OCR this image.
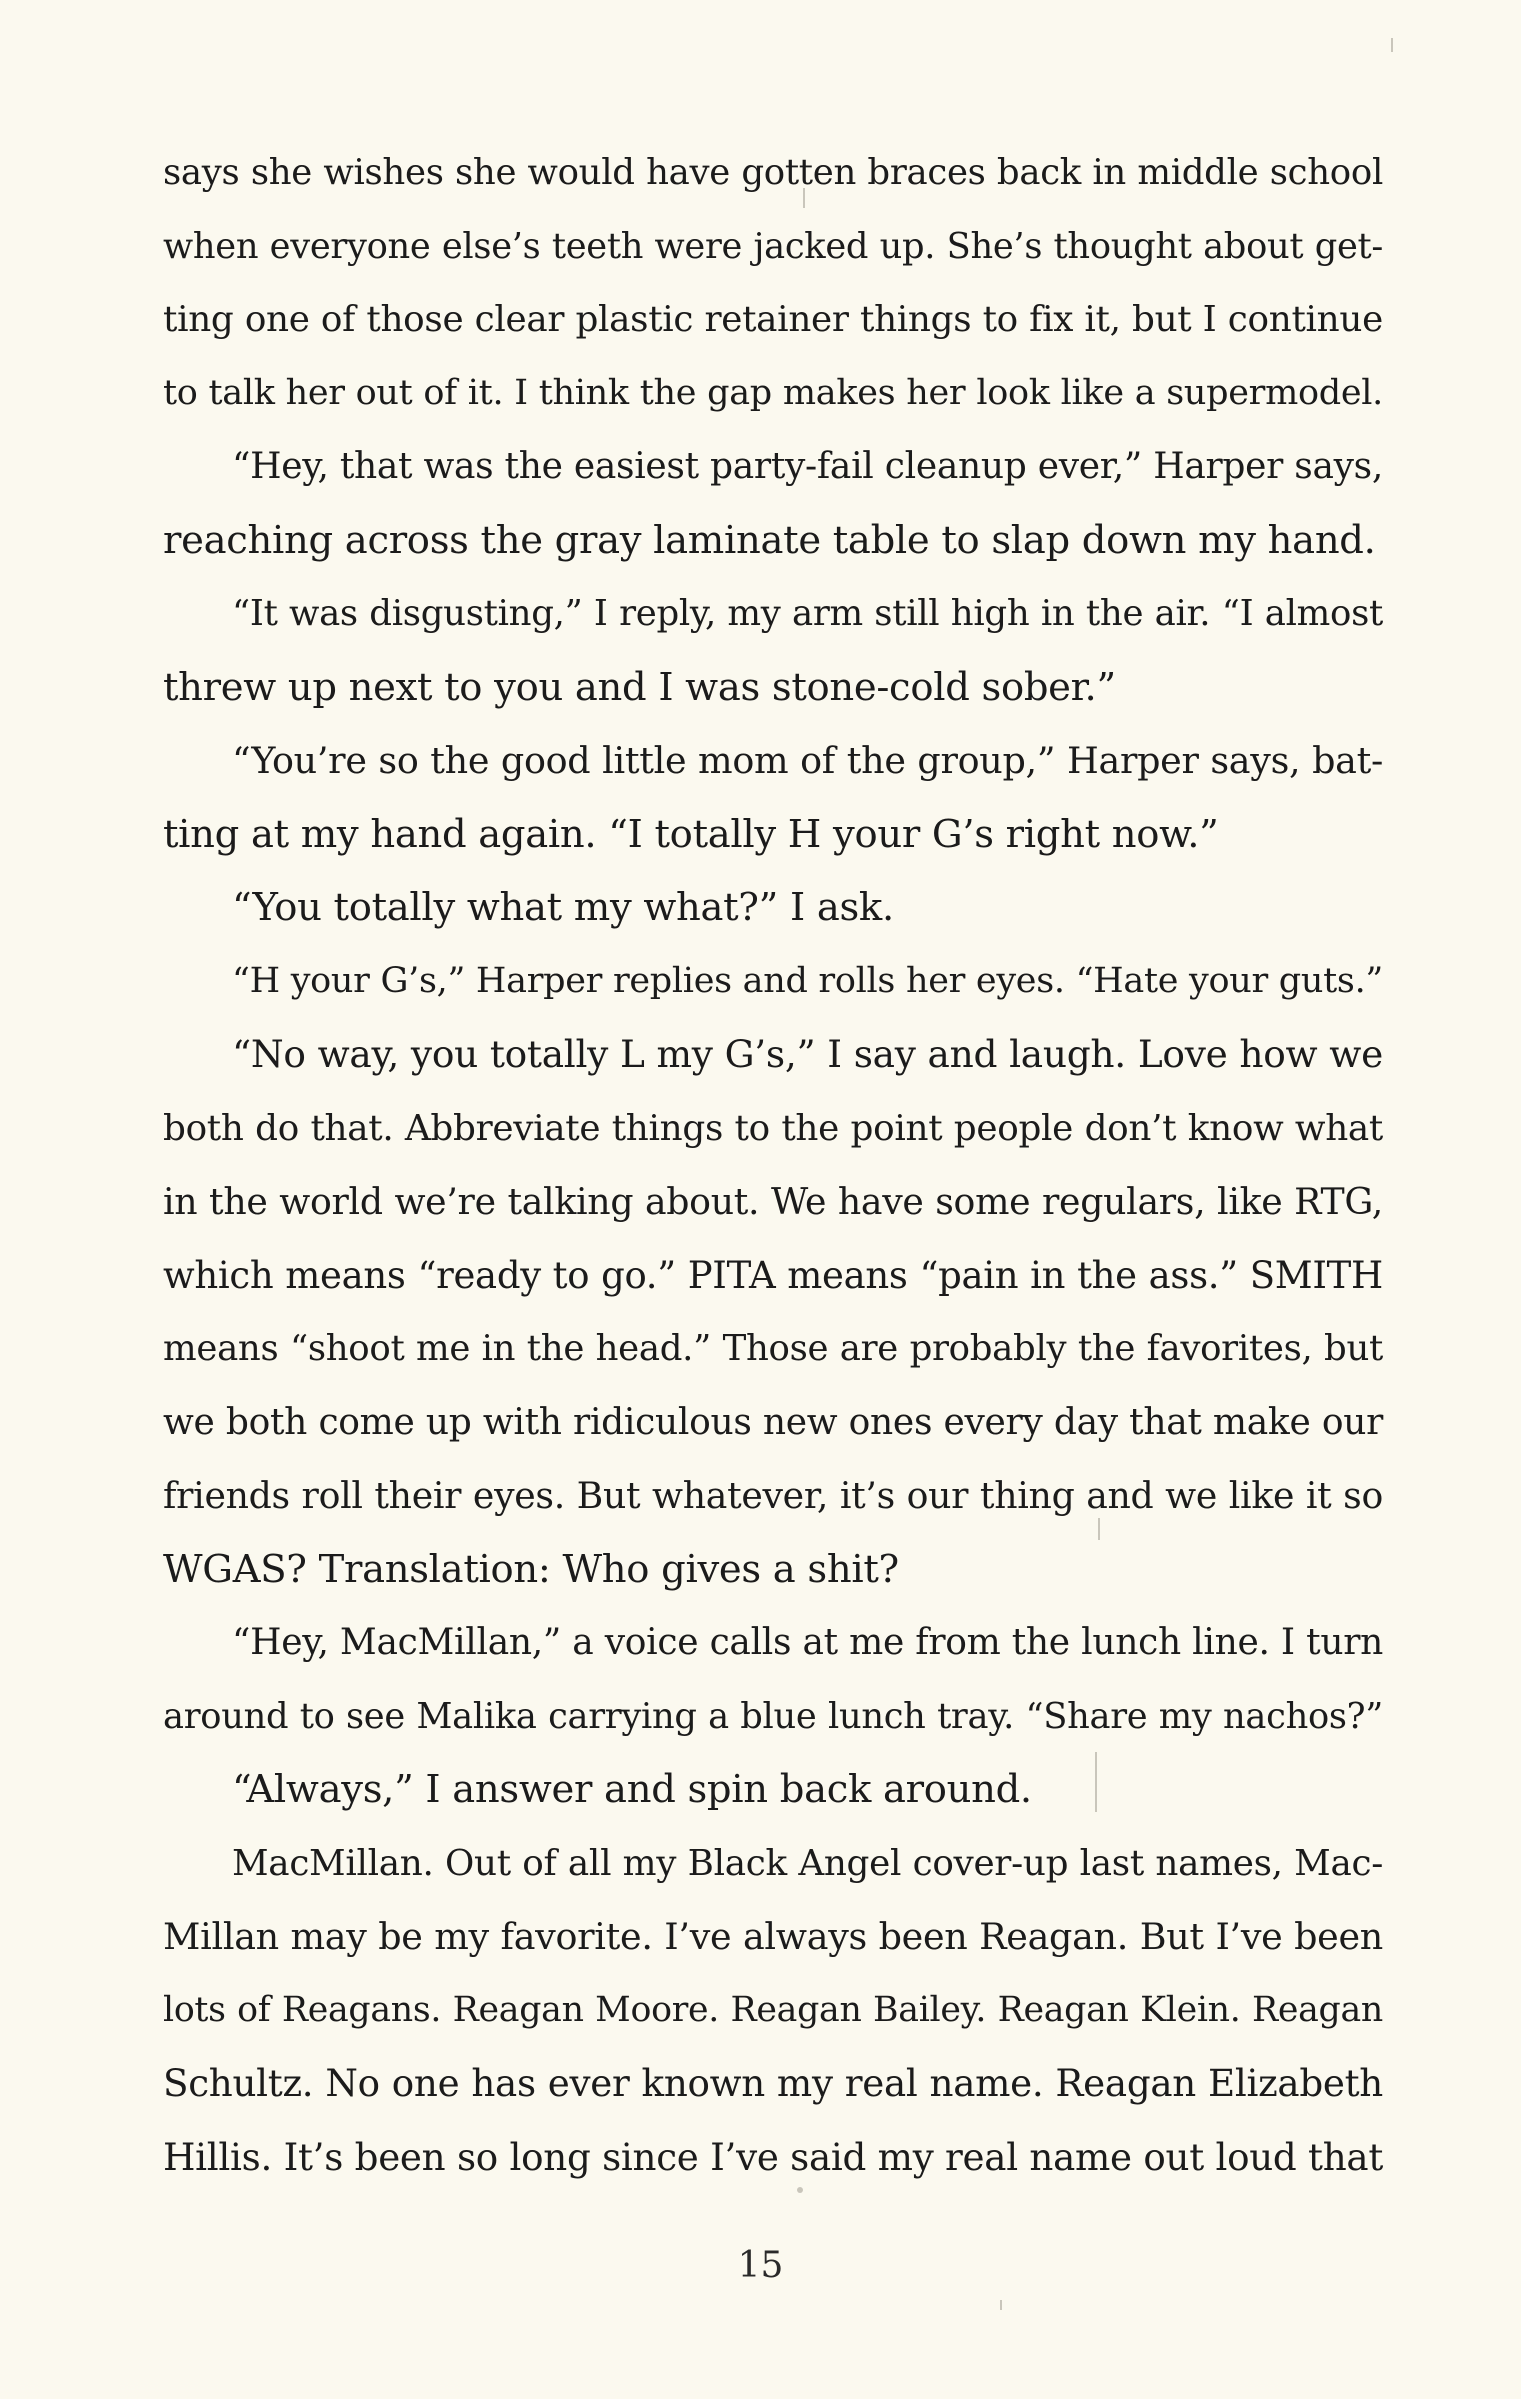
says she wishes she would have gotten braces back in middle school
when everyone else’s teeth were jacked up. She’s thought about get-
ting one of those clear plastic retainer things to fix it, but I continue
to talk her out of it. I think the gap makes her look like a supermodel.
“Hey, that was the easiest party-fail cleanup ever,” Harper says,
reaching across the gray laminate table to slap down my hand.
“It was disgusting,” I reply, my arm still high in the air. “I almost
threw up next to you and I was stone-cold sober.”
“You’re so the good little mom of the group,” Harper says, bat-
ting at my hand again. “I totally H your G’s right now.”
“You totally what my what?” I ask.
“H your G’s,” Harper replies and rolls her eyes. “Hate your guts.”
“No way, you totally L my G’s,” I say and laugh. Love how we
both do that. Abbreviate things to the point people don’t know what
in the world we’re talking about. We have some regulars, like RTG,
which means “ready to go.” PITA means “pain in the ass.” SMITH
means “shoot me in the head.” Those are probably the favorites, but
we both come up with ridiculous new ones every day that make our
friends roll their eyes. But whatever, it’s our thing and we like it so
WGAS? Translation: Who gives a shit?
“Hey, MacMillan,” a voice calls at me from the lunch line. I turn
around to see Malika carrying a blue lunch tray. “Share my nachos?”
“Always,” I answer and spin back around.
MacMillan. Out of all my Black Angel cover-up last names, Mac-
Millan may be my favorite. I’ve always been Reagan. But I’ve been
lots of Reagans. Reagan Moore. Reagan Bailey. Reagan Klein. Reagan
Schultz. No one has ever known my real name. Reagan Elizabeth
Hillis. It’s been so long since I’ve said my real name out loud that
15
